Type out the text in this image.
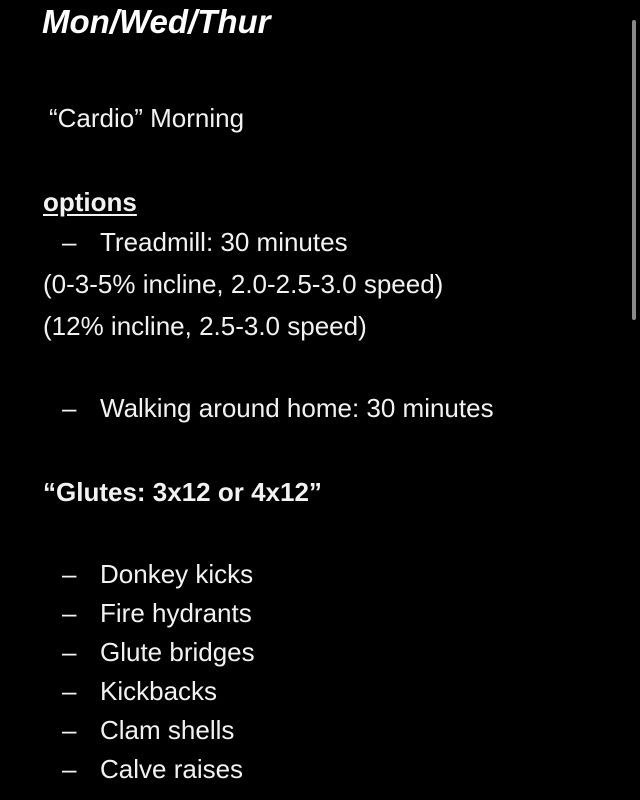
Mon/Wed/Thur
“Cardio” Morning
options
– Treadmill: 30 minutes
(0-3-5% incline, 2.0-2.5-3.0 speed)
(12% incline, 2.5-3.0 speed)
– Walking around home: 30 minutes
“Glutes: 3x12 or 4x12”
– Donkey kicks
– Fire hydrants
– Glute bridges
– Kickbacks
– Clam shells
– Calve raises
